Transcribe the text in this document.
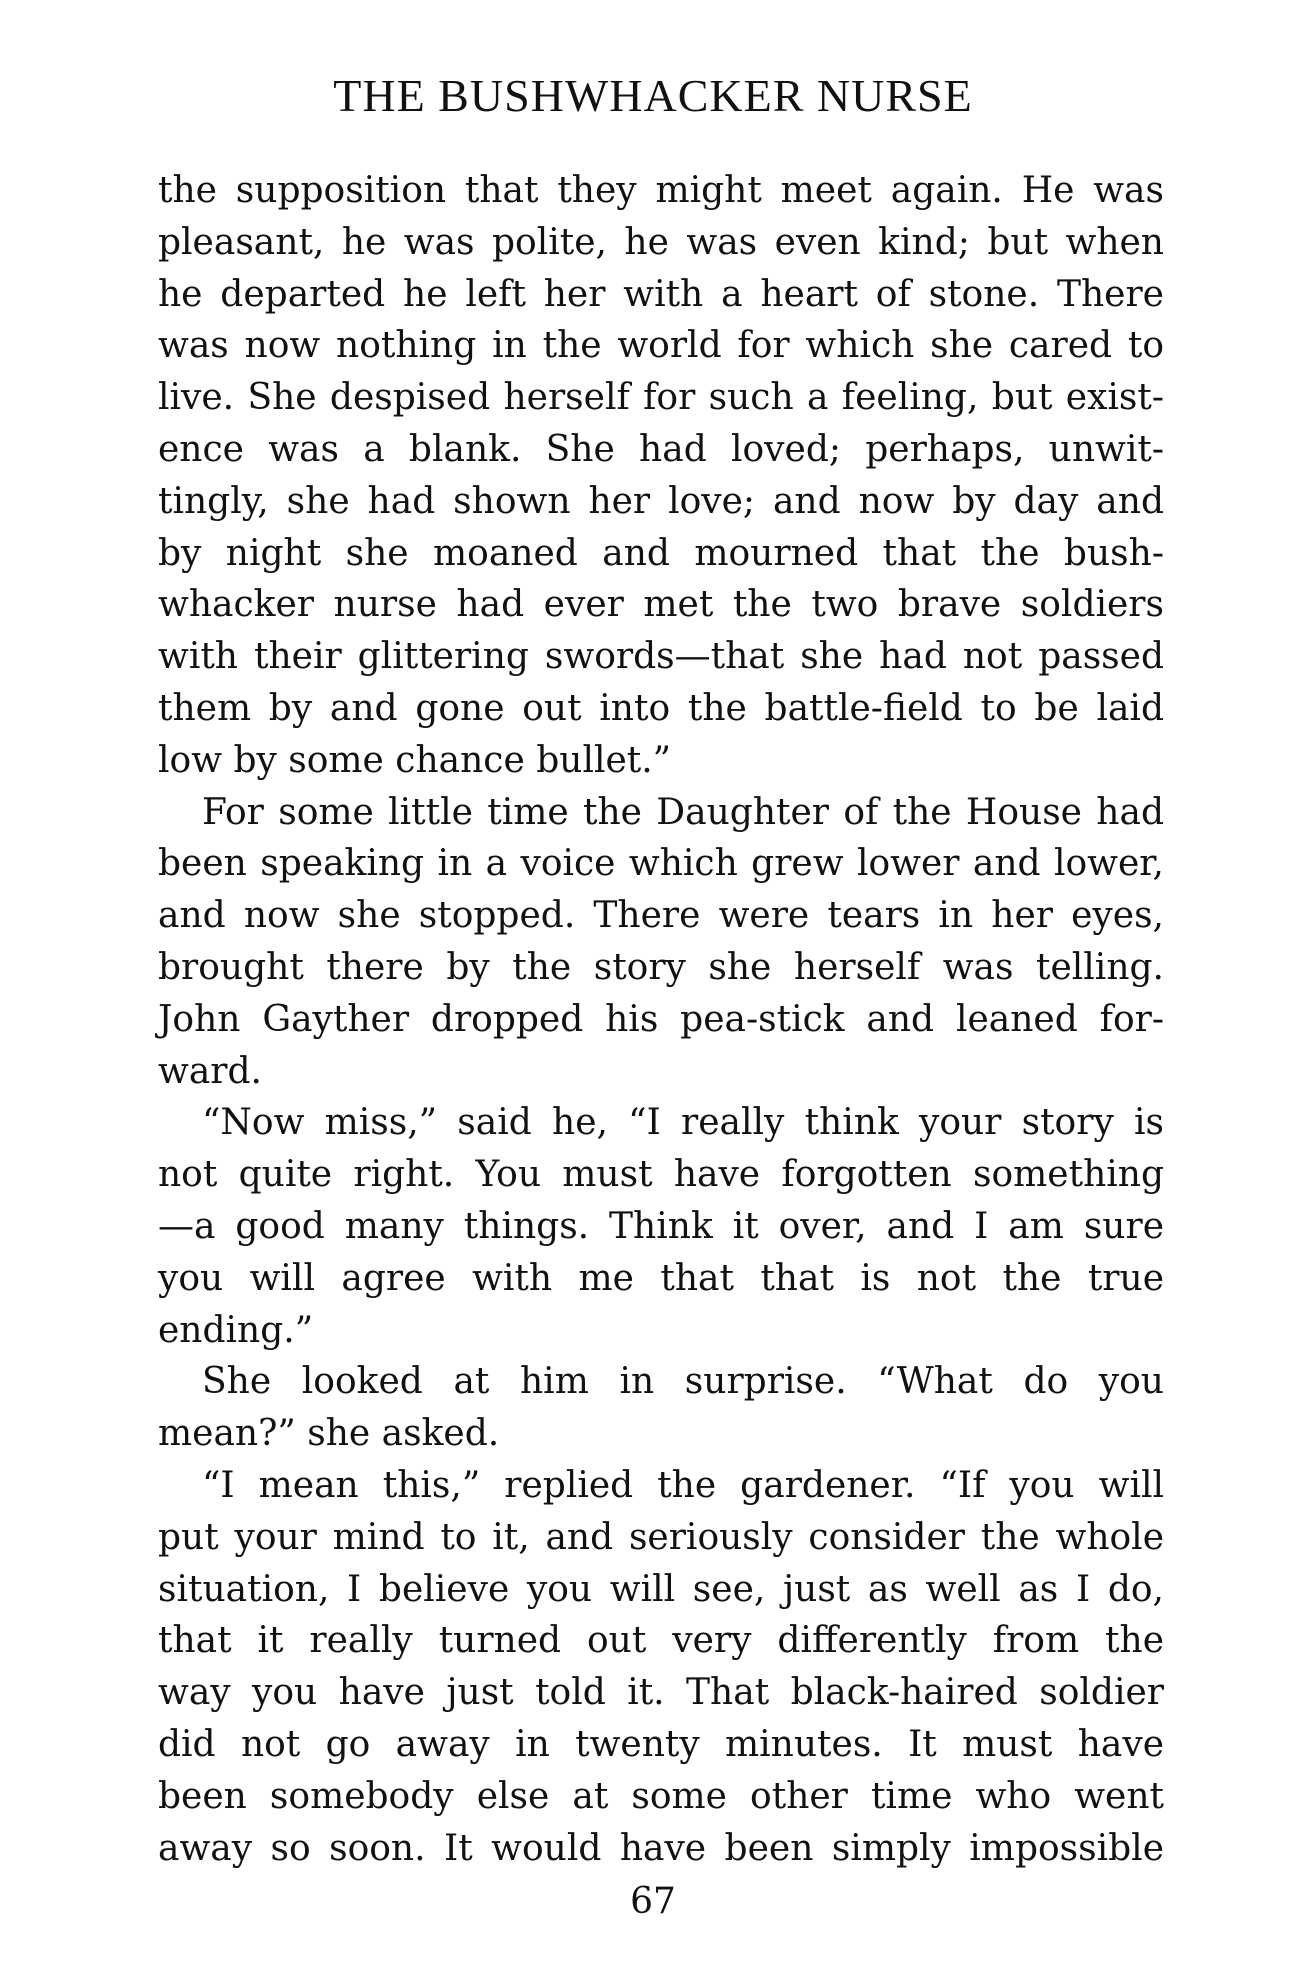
THE BUSHWHACKER NURSE
the supposition that they might meet again. He was
pleasant, he was polite, he was even kind; but when
he departed he left her with a heart of stone. There
was now nothing in the world for which she cared to
live. She despised herself for such a feeling, but exist-
ence was a blank. She had loved; perhaps, unwit-
tingly, she had shown her love; and now by day and
by night she moaned and mourned that the bush-
whacker nurse had ever met the two brave soldiers
with their glittering swords—that she had not passed
them by and gone out into the battle-field to be laid
low by some chance bullet.”
For some little time the Daughter of the House had
been speaking in a voice which grew lower and lower,
and now she stopped. There were tears in her eyes,
brought there by the story she herself was telling.
John Gayther dropped his pea-stick and leaned for-
ward.
“Now miss,” said he, “I really think your story is
not quite right. You must have forgotten something
—a good many things. Think it over, and I am sure
you will agree with me that that is not the true
ending.”
She looked at him in surprise. “What do you
mean?” she asked.
“I mean this,” replied the gardener. “If you will
put your mind to it, and seriously consider the whole
situation, I believe you will see, just as well as I do,
that it really turned out very differently from the
way you have just told it. That black-haired soldier
did not go away in twenty minutes. It must have
been somebody else at some other time who went
away so soon. It would have been simply impossible
67
